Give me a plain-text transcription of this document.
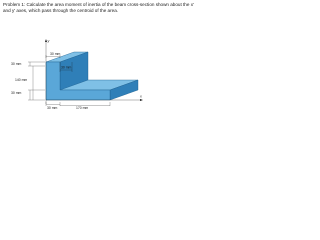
Problem 1: Calculate the area moment of inertia of the beam cross-section shown about the x' and y' axes, which pass through the centroid of the area.

y
x
30 mm
30 mm
30 mm
140 mm
30 mm
30 mm	170 mm
